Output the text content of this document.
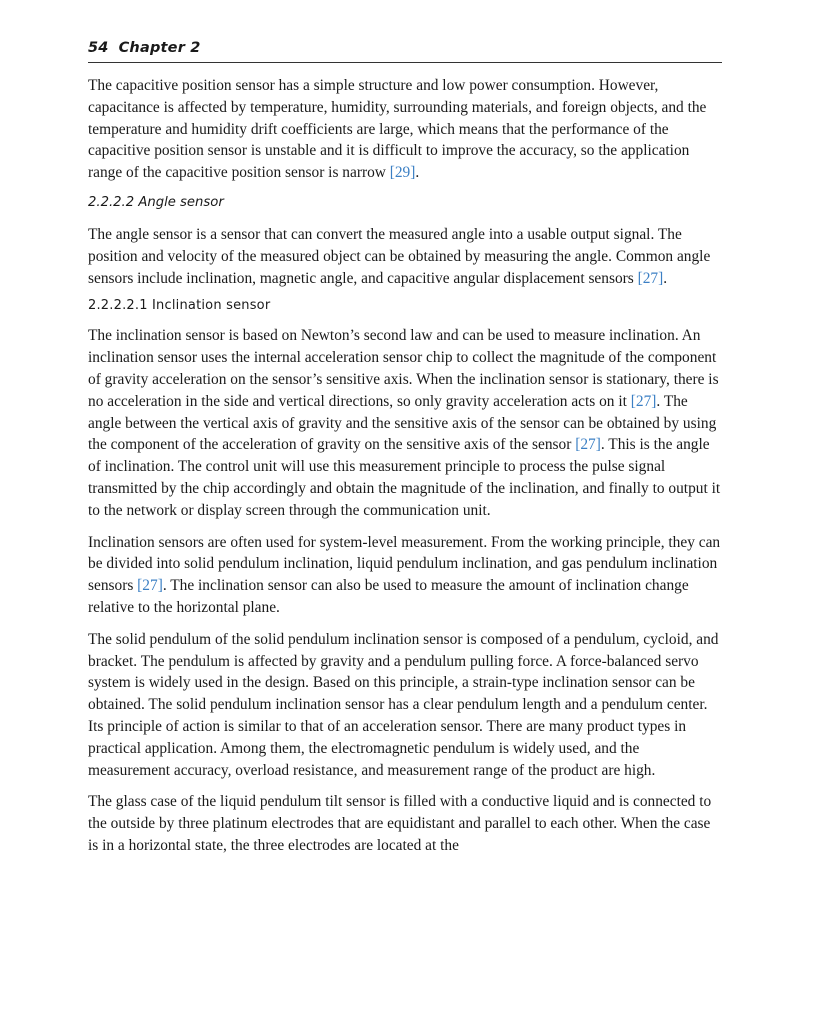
54 Chapter 2

The capacitive position sensor has a simple structure and low power consumption. However, capacitance is affected by temperature, humidity, surrounding materials, and foreign objects, and the temperature and humidity drift coefficients are large, which means that the performance of the capacitive position sensor is unstable and it is difficult to improve the accuracy, so the application range of the capacitive position sensor is narrow [29].

2.2.2.2 Angle sensor

The angle sensor is a sensor that can convert the measured angle into a usable output signal. The position and velocity of the measured object can be obtained by measuring the angle. Common angle sensors include inclination, magnetic angle, and capacitive angular displacement sensors [27].

2.2.2.2.1 Inclination sensor

The inclination sensor is based on Newton’s second law and can be used to measure inclination. An inclination sensor uses the internal acceleration sensor chip to collect the magnitude of the component of gravity acceleration on the sensor’s sensitive axis. When the inclination sensor is stationary, there is no acceleration in the side and vertical directions, so only gravity acceleration acts on it [27]. The angle between the vertical axis of gravity and the sensitive axis of the sensor can be obtained by using the component of the acceleration of gravity on the sensitive axis of the sensor [27]. This is the angle of inclination. The control unit will use this measurement principle to process the pulse signal transmitted by the chip accordingly and obtain the magnitude of the inclination, and finally to output it to the network or display screen through the communication unit.

Inclination sensors are often used for system-level measurement. From the working principle, they can be divided into solid pendulum inclination, liquid pendulum inclination, and gas pendulum inclination sensors [27]. The inclination sensor can also be used to measure the amount of inclination change relative to the horizontal plane.

The solid pendulum of the solid pendulum inclination sensor is composed of a pendulum, cycloid, and bracket. The pendulum is affected by gravity and a pendulum pulling force. A force-balanced servo system is widely used in the design. Based on this principle, a strain-type inclination sensor can be obtained. The solid pendulum inclination sensor has a clear pendulum length and a pendulum center. Its principle of action is similar to that of an acceleration sensor. There are many product types in practical application. Among them, the electromagnetic pendulum is widely used, and the measurement accuracy, overload resistance, and measurement range of the product are high.

The glass case of the liquid pendulum tilt sensor is filled with a conductive liquid and is connected to the outside by three platinum electrodes that are equidistant and parallel to each other. When the case is in a horizontal state, the three electrodes are located at the
